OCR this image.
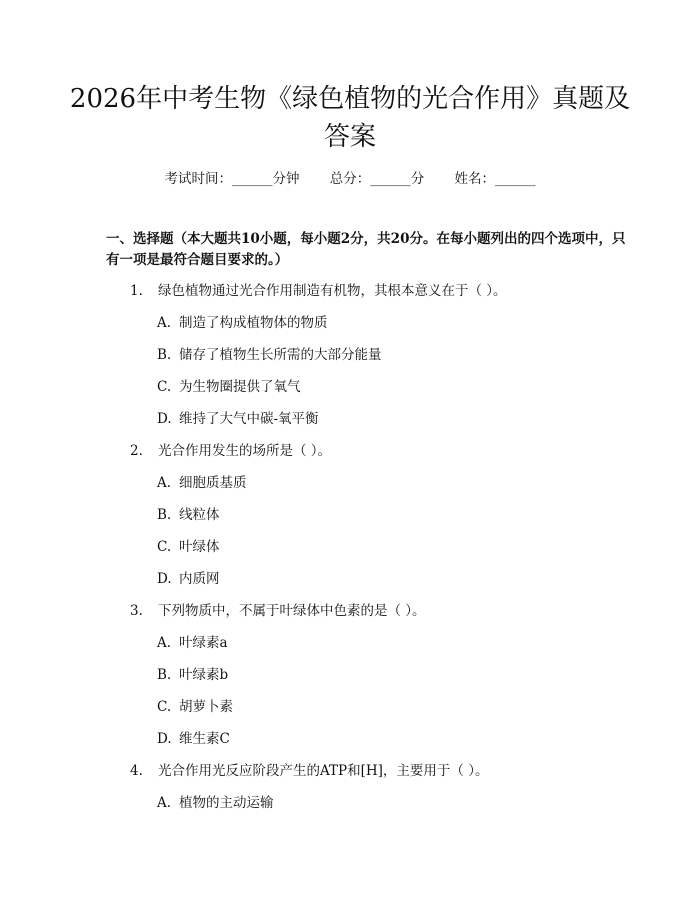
2026年中考生物《绿色植物的光合作用》真题及答案
考试时间：______分钟 总分：______分 姓名：______
一、选择题（本大题共10小题，每小题2分，共20分。在每小题列出的四个选项中，只有一项是最符合题目要求的。）
1. 绿色植物通过光合作用制造有机物，其根本意义在于（ ）。
A. 制造了构成植物体的物质
B. 储存了植物生长所需的大部分能量
C. 为生物圈提供了氧气
D. 维持了大气中碳-氧平衡
2. 光合作用发生的场所是（ ）。
A. 细胞质基质
B. 线粒体
C. 叶绿体
D. 内质网
3. 下列物质中，不属于叶绿体中色素的是（ ）。
A. 叶绿素a
B. 叶绿素b
C. 胡萝卜素
D. 维生素C
4. 光合作用光反应阶段产生的ATP和[H]，主要用于（ ）。
A. 植物的主动运输
